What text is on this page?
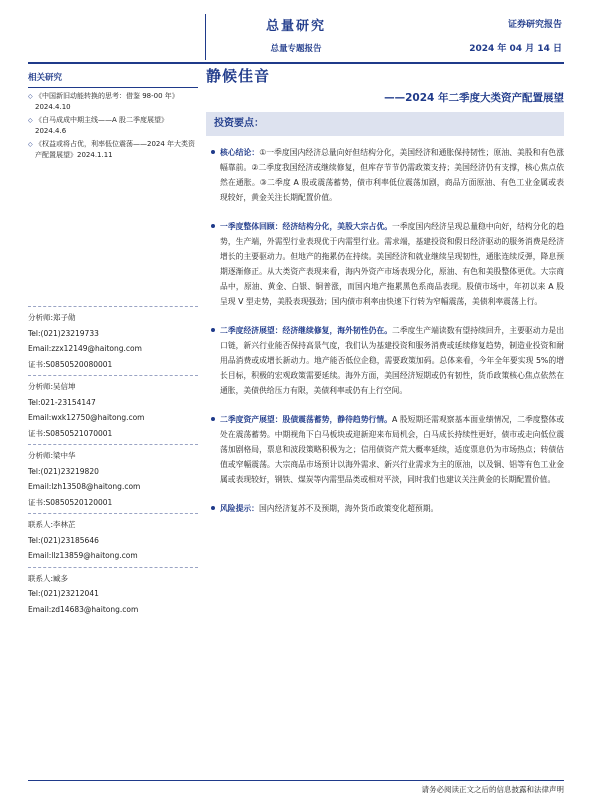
总量研究
总量专题报告
证券研究报告
2024 年 04 月 14 日
相关研究
◇ 《中国新旧动能转换的思考：借鉴 98-00 年》2024.4.10
◇ 《白马成成中期主线——A 股二季度展望》2024.4.6
◇ 《权益或将占优，利率低位震荡——2024 年大类资产配置展望》2024.1.11
分析师:郑子勋
Tel:(021)23219733
Email:zzx12149@haitong.com
证书:S0850520080001
分析师:吴信坤
Tel:021-23154147
Email:wxk12750@haitong.com
证书:S0850521070001
分析师:梁中华
Tel:(021)23219820
Email:lzh13508@haitong.com
证书:S0850520120001
联系人:李林芷
Tel:(021)23185646
Email:llz13859@haitong.com
联系人:臧多
Tel:(021)23212041
Email:zd14683@haitong.com
静候佳音
——2024 年二季度大类资产配置展望
投资要点：
核心结论：①一季度国内经济总量向好但结构分化，美国经济和通胀保持韧性；原油、美股和有色涨幅靠前。②二季度我国经济或继续修复，但库存节节仍需政策支持；美国经济仍有支撑，核心焦点依然在通胀。③二季度 A 股或震荡蓄势，债市利率低位震荡加剧，商品方面原油、有色工业金属或表现较好，黄金关注长期配置价值。
一季度整体回顾：经济结构分化，美股大宗占优。一季度国内经济呈现总量稳中向好，结构分化的趋势，生产端，外需型行业表现优于内需型行业。需求端，基建投资和假日经济驱动的服务消费是经济增长的主要驱动力。但地产的拖累仍在持续。美国经济和就业继续呈现韧性，通胀连续反弹，降息预期逐渐修正。从大类资产表现来看，海内外资产市场表现分化，原油、有色和美股整体更优。大宗商品中，原油、黄金、白银、铜普涨，而国内地产拖累黑色系商品表现。股债市场中，年初以来 A 股呈现 V 型走势，美股表现强劲；国内债市利率由快速下行转为窄幅震荡，美债利率震荡上行。
二季度经济展望：经济继续修复，海外韧性仍在。二季度生产端读数有望持续回升，主要驱动力是出口链，新兴行业能否保持高景气度，我们认为基建投资和服务消费或延续修复趋势，制造业投资和耐用品消费或成增长新动力。地产能否低位企稳，需要政策加码。总体来看，今年全年要实现 5%的增长目标，积极的宏观政策需要延续。海外方面，美国经济短期或仍有韧性，货币政策核心焦点依然在通胀，美债供给压力有限，美债利率或仍有上行空间。
二季度资产展望：股债震荡蓄势，静待趋势行情。A 股短期还需观察基本面业绩情况，二季度整体或处在震荡蓄势。中期视角下白马板块或迎新迎来布局机会，白马成长持续性更好，债市或走向低位震荡加剧格局，票息和波段策略积极为之；信用债资产荒大概率延续，适度票息仍为市场热点；转债估值或窄幅震荡。大宗商品市场预计以海外需求、新兴行业需求为主的原油，以及铜、铝等有色工业金属或表现较好，钢铁、煤炭等内需型品类或相对平淡，同时我们也建议关注黄金的长期配置价值。
风险提示：国内经济复苏不及预期，海外货币政策变化超预期。
请务必阅读正文之后的信息披露和法律声明
